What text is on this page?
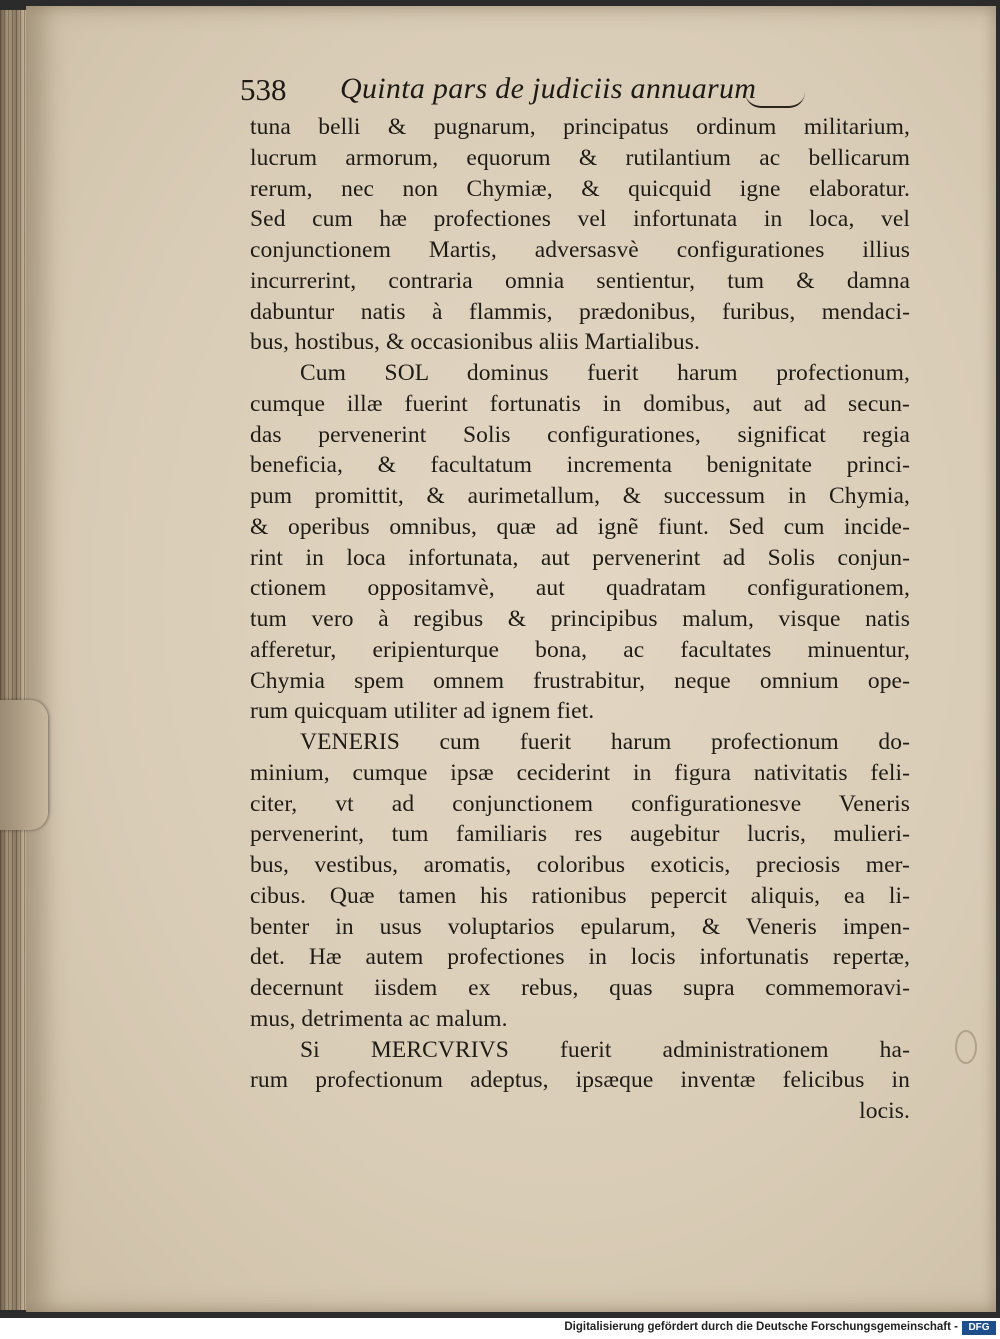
538 Quinta pars de judiciis annuarum
tuna belli & pugnarum, principatus ordinum militarium,
lucrum armorum, equorum & rutilantium ac bellicarum
rerum, nec non Chymiæ, & quicquid igne elaboratur.
Sed cum hæ profectiones vel infortunata in loca, vel
conjunctionem Martis, adversasvè configurationes illius
incurrerint, contraria omnia sentientur, tum & damna
dabuntur natis à flammis, prædonibus, furibus, mendaci-
bus, hostibus, & occasionibus aliis Martialibus.
Cum SOL dominus fuerit harum profectionum,
cumque illæ fuerint fortunatis in domibus, aut ad secun-
das pervenerint Solis configurationes, significat regia
beneficia, & facultatum incrementa benignitate princi-
pum promittit, & aurimetallum, & successum in Chymia,
& operibus omnibus, quæ ad ignẽ fiunt. Sed cum incide-
rint in loca infortunata, aut pervenerint ad Solis conjun-
ctionem oppositamvè, aut quadratam configurationem,
tum vero à regibus & principibus malum, visque natis
afferetur, eripienturque bona, ac facultates minuentur,
Chymia spem omnem frustrabitur, neque omnium ope-
rum quicquam utiliter ad ignem fiet.
VENERIS cum fuerit harum profectionum do-
minium, cumque ipsæ ceciderint in figura nativitatis feli-
citer, vt ad conjunctionem configurationesve Veneris
pervenerint, tum familiaris res augebitur lucris, mulieri-
bus, vestibus, aromatis, coloribus exoticis, preciosis mer-
cibus. Quæ tamen his rationibus pepercit aliquis, ea li-
benter in usus voluptarios epularum, & Veneris impen-
det. Hæ autem profectiones in locis infortunatis repertæ,
decernunt iisdem ex rebus, quas supra commemoravi-
mus, detrimenta ac malum.
Si MERCVRIVS fuerit administrationem ha-
rum profectionum adeptus, ipsæque inventæ felicibus in
locis.
Digitalisierung gefördert durch die Deutsche Forschungsgemeinschaft -	DFG
